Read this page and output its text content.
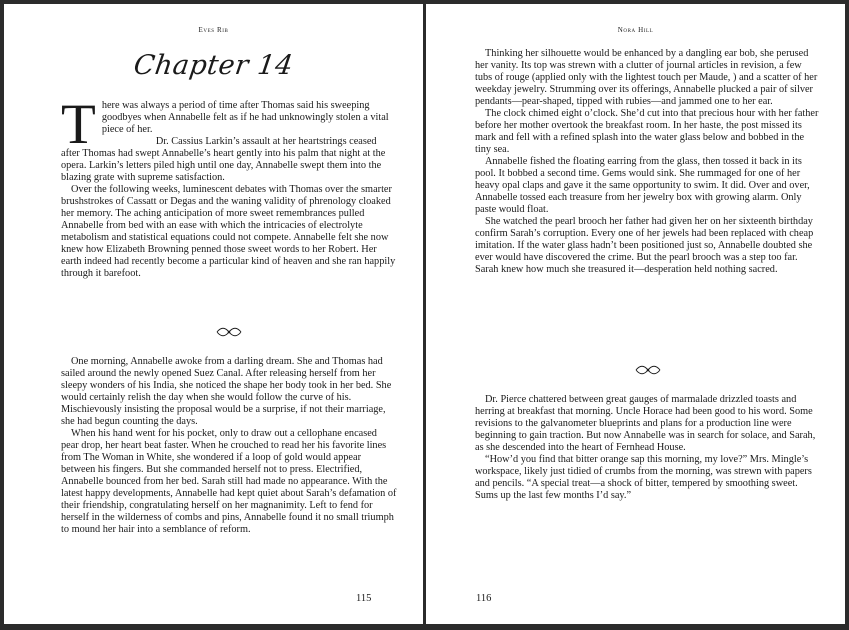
Eves Rib
Chapter 14

There was always a period of time after Thomas said his sweeping goodbyes when Annabelle felt as if he had unknowingly stolen a vital piece of her.

Dr. Cassius Larkin’s assault at her heartstrings ceased after Thomas had swept Annabelle’s heart gently into his palm that night at the opera. Larkin’s letters piled high until one day, Annabelle swept them into the blazing grate with supreme satisfaction.

Over the following weeks, luminescent debates with Thomas over the smarter brushstrokes of Cassatt or Degas and the waning validity of phrenology cloaked her memory. The aching anticipation of more sweet remembrances pulled Annabelle from bed with an ease with which the intricacies of electrolyte metabolism and statistical equations could not compete. Annabelle felt she now knew how Elizabeth Browning penned those sweet words to her Robert. Her earth indeed had recently become a particular kind of heaven and she ran happily through it barefoot.

One morning, Annabelle awoke from a darling dream. She and Thomas had sailed around the newly opened Suez Canal. After releasing herself from her sleepy wonders of his India, she noticed the shape her body took in her bed. She would certainly relish the day when she would follow the curve of his. Mischievously insisting the proposal would be a surprise, if not their marriage, she had begun counting the days.

When his hand went for his pocket, only to draw out a cellophane encased pear drop, her heart beat faster. When he crouched to read her his favorite lines from The Woman in White, she wondered if a loop of gold would appear between his fingers. But she commanded herself not to press. Electrified, Annabelle bounced from her bed. Sarah still had made no appearance. With the latest happy developments, Annabelle had kept quiet about Sarah’s defamation of their friendship, congratulating herself on her magnanimity. Left to fend for herself in the wilderness of combs and pins, Annabelle found it no small triumph to mound her hair into a semblance of reform.

115
Nora Hill

Thinking her silhouette would be enhanced by a dangling ear bob, she perused her vanity. Its top was strewn with a clutter of journal articles in revision, a few tubs of rouge (applied only with the lightest touch per Maude, ) and a scatter of her weekday jewelry. Strumming over its offerings, Annabelle plucked a pair of silver pendants—pear-shaped, tipped with rubies—and jammed one to her ear.

The clock chimed eight o’clock. She’d cut into that precious hour with her father before her mother overtook the breakfast room. In her haste, the post missed its mark and fell with a refined splash into the water glass below and bobbed in the tiny sea.

Annabelle fished the floating earring from the glass, then tossed it back in its pool. It bobbed a second time. Gems would sink. She rummaged for one of her heavy opal claps and gave it the same opportunity to swim. It did. Over and over, Annabelle tossed each treasure from her jewelry box with growing alarm. Only paste would float.

She watched the pearl brooch her father had given her on her sixteenth birthday confirm Sarah’s corruption. Every one of her jewels had been replaced with cheap imitation. If the water glass hadn’t been positioned just so, Annabelle doubted she ever would have discovered the crime. But the pearl brooch was a step too far. Sarah knew how much she treasured it—desperation held nothing sacred.

Dr. Pierce chattered between great gauges of marmalade drizzled toasts and herring at breakfast that morning. Uncle Horace had been good to his word. Some revisions to the galvanometer blueprints and plans for a production line were beginning to gain traction. But now Annabelle was in search for solace, and Sarah, as she descended into the heart of Fernhead House.

“How’d you find that bitter orange sap this morning, my love?” Mrs. Mingle’s workspace, likely just tidied of crumbs from the morning, was strewn with papers and pencils. “A special treat—a shock of bitter, tempered by smoothing sweet. Sums up the last few months I’d say.”

116
